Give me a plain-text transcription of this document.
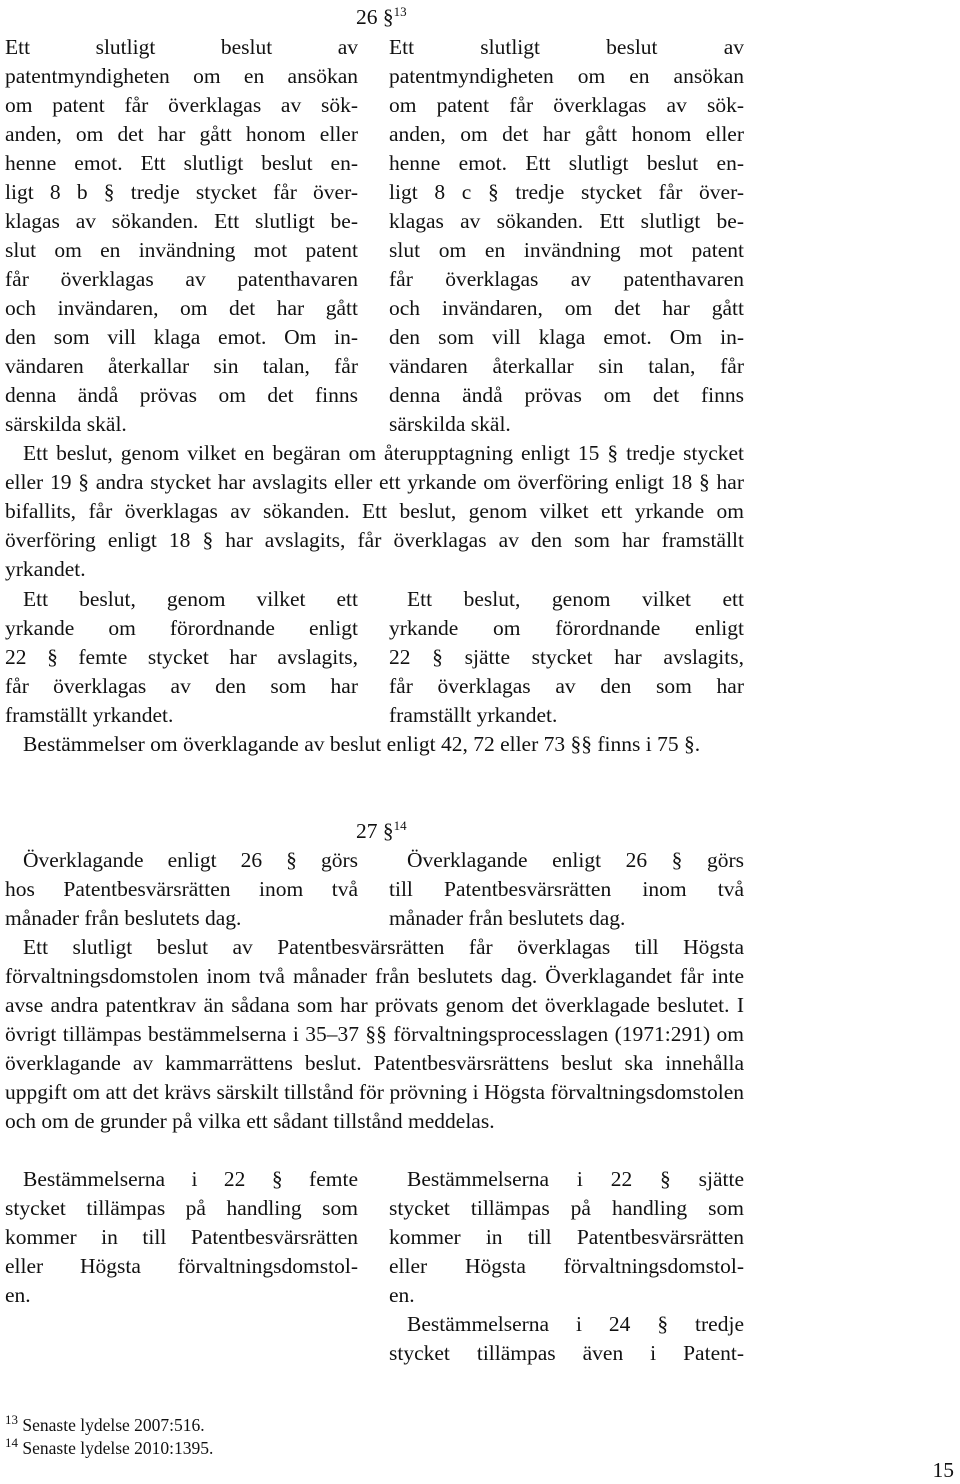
26 §$^{13}$
Ett slutligt beslut av
patentmyndigheten om en ansökan
om patent får överklagas av sök-
anden, om det har gått honom eller
henne emot. Ett slutligt beslut en-
ligt 8 b § tredje stycket får över-
klagas av sökanden. Ett slutligt be-
slut om en invändning mot patent
får överklagas av patenthavaren
och invändaren, om det har gått
den som vill klaga emot. Om in-
vändaren återkallar sin talan, får
denna ändå prövas om det finns
särskilda skäl.
Ett slutligt beslut av
patentmyndigheten om en ansökan
om patent får överklagas av sök-
anden, om det har gått honom eller
henne emot. Ett slutligt beslut en-
ligt 8 c § tredje stycket får över-
klagas av sökanden. Ett slutligt be-
slut om en invändning mot patent
får överklagas av patenthavaren
och invändaren, om det har gått
den som vill klaga emot. Om in-
vändaren återkallar sin talan, får
denna ändå prövas om det finns
särskilda skäl.
Ett beslut, genom vilket en begäran om återupptagning enligt 15 § tredje stycket eller 19 § andra stycket har avslagits eller ett yrkande om överföring enligt 18 § har bifallits, får överklagas av sökanden. Ett beslut, genom vilket ett yrkande om överföring enligt 18 § har avslagits, får överklagas av den som har framställt yrkandet.
Ett beslut, genom vilket ett
yrkande om förordnande enligt
22 § femte stycket har avslagits,
får överklagas av den som har
framställt yrkandet.
Ett beslut, genom vilket ett
yrkande om förordnande enligt
22 § sjätte stycket har avslagits,
får överklagas av den som har
framställt yrkandet.
Bestämmelser om överklagande av beslut enligt 42, 72 eller 73 §§ finns i 75 §.
27 §$^{14}$
Överklagande enligt 26 § görs
hos Patentbesvärsrätten inom två
månader från beslutets dag.
Överklagande enligt 26 § görs
till Patentbesvärsrätten inom två
månader från beslutets dag.
Ett slutligt beslut av Patentbesvärsrätten får överklagas till Högsta förvaltningsdomstolen inom två månader från beslutets dag. Överklagandet får inte avse andra patentkrav än sådana som har prövats genom det överklagade beslutet. I övrigt tillämpas bestämmelserna i 35–37 §§ förvaltningsprocesslagen (1971:291) om överklagande av kammarrättens beslut. Patentbesvärsrättens beslut ska innehålla uppgift om att det krävs särskilt tillstånd för prövning i Högsta förvaltningsdomstolen och om de grunder på vilka ett sådant tillstånd meddelas.
Bestämmelserna i 22 § femte
stycket tillämpas på handling som
kommer in till Patentbesvärsrätten
eller Högsta förvaltningsdomstol-
en.
Bestämmelserna i 22 § sjätte
stycket tillämpas på handling som
kommer in till Patentbesvärsrätten
eller Högsta förvaltningsdomstol-
en.
Bestämmelserna i 24 § tredje
stycket tillämpas även i Patent-
$^{13}$ Senaste lydelse 2007:516.
$^{14}$ Senaste lydelse 2010:1395.
15
